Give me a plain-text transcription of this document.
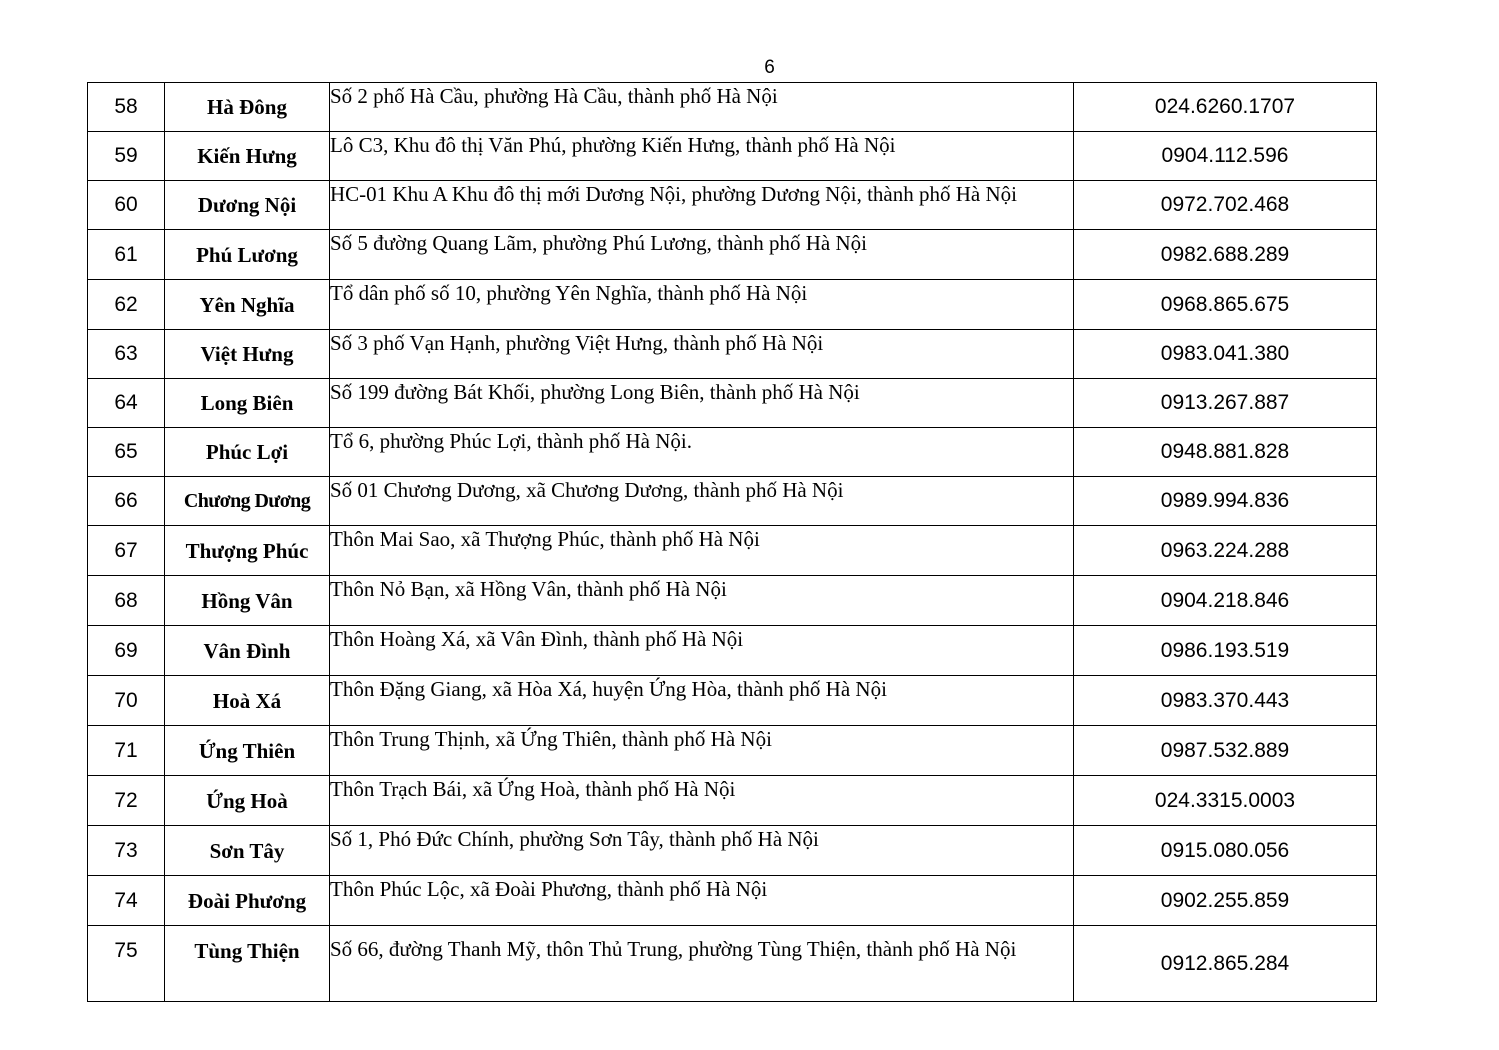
6
58	Hà Đông	Số 2 phố Hà Cầu, phường Hà Cầu, thành phố Hà Nội	024.6260.1707
59	Kiến Hưng	Lô C3, Khu đô thị Văn Phú, phường Kiến Hưng, thành phố Hà Nội	0904.112.596
60	Dương Nội	HC-01 Khu A Khu đô thị mới Dương Nội, phường Dương Nội, thành phố Hà Nội	0972.702.468
61	Phú Lương	Số 5 đường Quang Lãm, phường Phú Lương, thành phố Hà Nội	0982.688.289
62	Yên Nghĩa	Tổ dân phố số 10, phường Yên Nghĩa, thành phố Hà Nội	0968.865.675
63	Việt Hưng	Số 3 phố Vạn Hạnh, phường Việt Hưng, thành phố Hà Nội	0983.041.380
64	Long Biên	Số 199 đường Bát Khối, phường Long Biên, thành phố Hà Nội	0913.267.887
65	Phúc Lợi	Tổ 6, phường Phúc Lợi, thành phố Hà Nội.	0948.881.828
66	Chương Dương	Số 01 Chương Dương, xã Chương Dương, thành phố Hà Nội	0989.994.836
67	Thượng Phúc	Thôn Mai Sao, xã Thượng Phúc, thành phố Hà Nội	0963.224.288
68	Hồng Vân	Thôn Nỏ Bạn, xã Hồng Vân, thành phố Hà Nội	0904.218.846
69	Vân Đình	Thôn Hoàng Xá, xã Vân Đình, thành phố Hà Nội	0986.193.519
70	Hoà Xá	Thôn Đặng Giang, xã Hòa Xá, huyện Ứng Hòa, thành phố Hà Nội	0983.370.443
71	Ứng Thiên	Thôn Trung Thịnh, xã Ứng Thiên, thành phố Hà Nội	0987.532.889
72	Ứng Hoà	Thôn Trạch Bái, xã Ứng Hoà, thành phố Hà Nội	024.3315.0003
73	Sơn Tây	Số 1, Phó Đức Chính, phường Sơn Tây, thành phố Hà Nội	0915.080.056
74	Đoài Phương	Thôn Phúc Lộc, xã Đoài Phương, thành phố Hà Nội	0902.255.859
75	Tùng Thiện	Số 66, đường Thanh Mỹ, thôn Thủ Trung, phường Tùng Thiện, thành phố Hà Nội	0912.865.284
